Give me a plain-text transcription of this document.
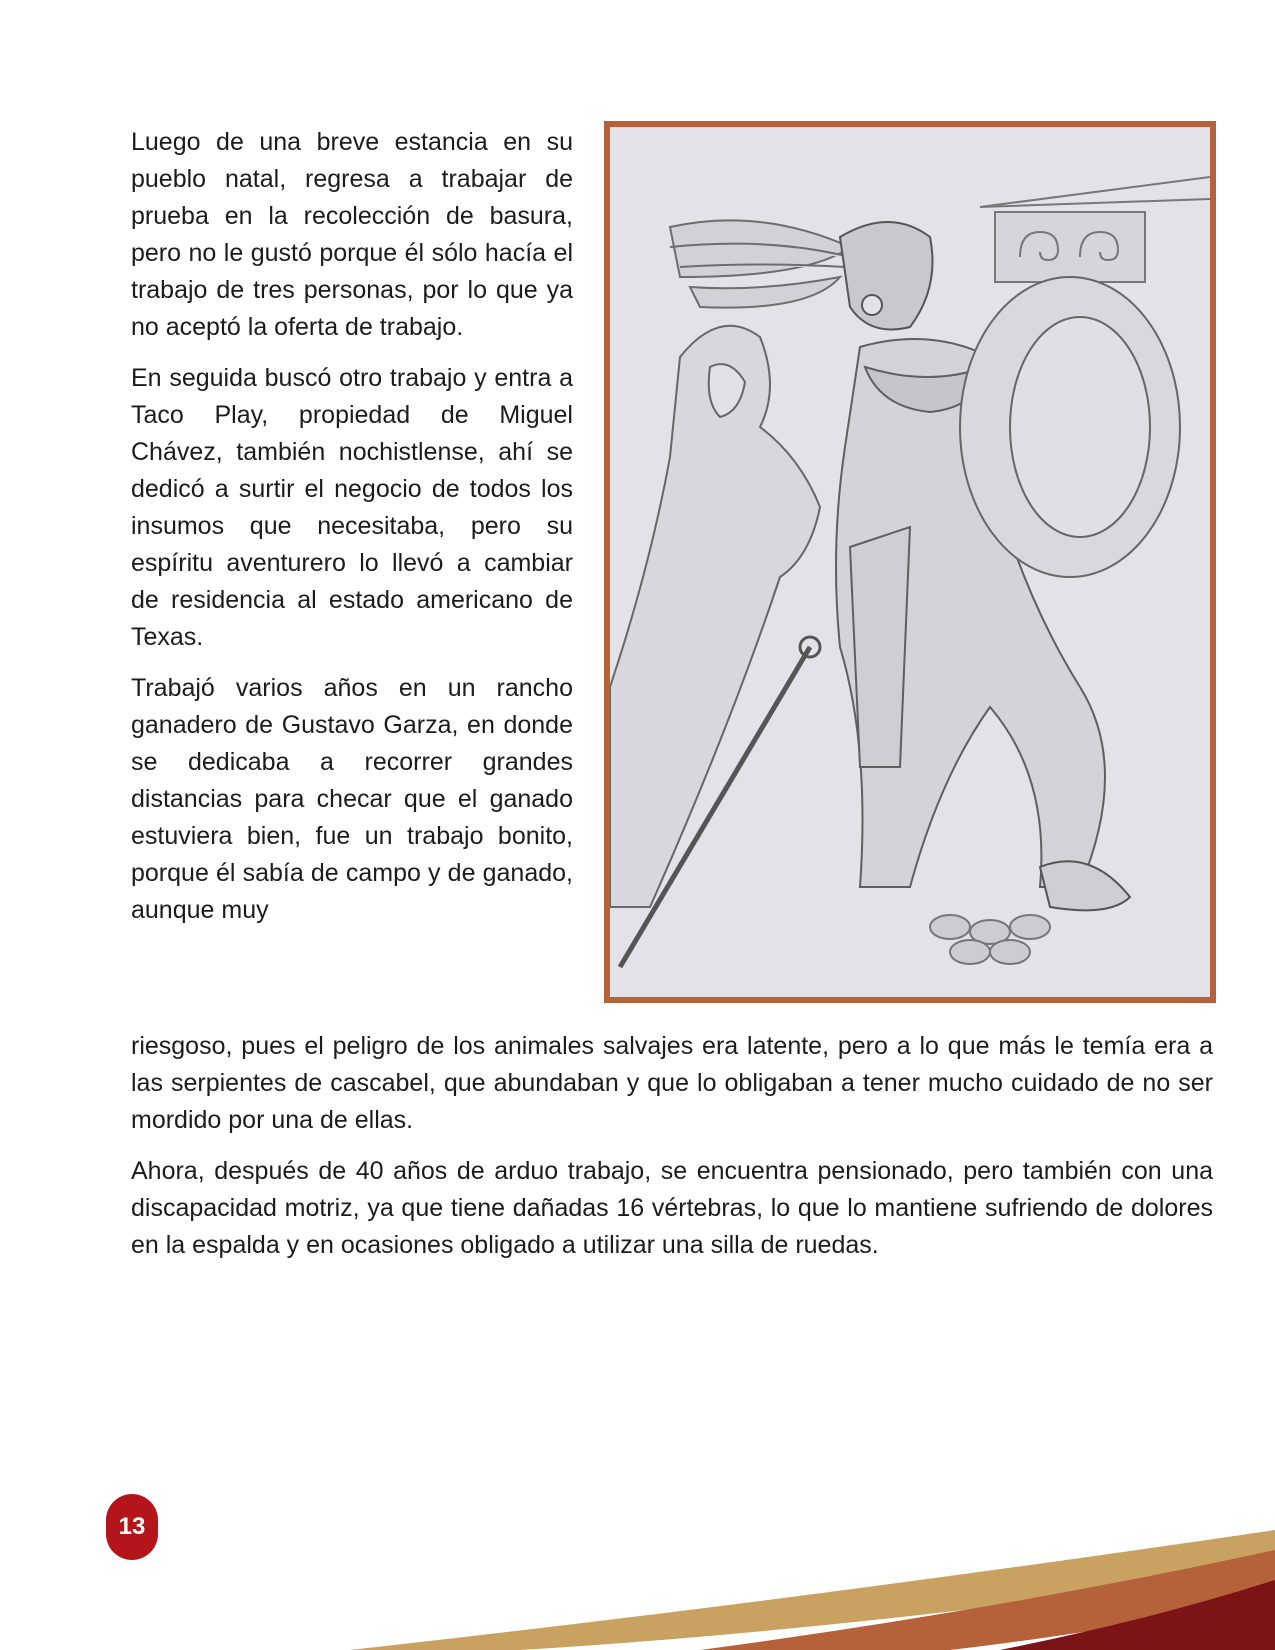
Luego de una breve estancia en su pueblo natal, regresa a trabajar de prueba en la recolección de basura, pero no le gustó porque él sólo hacía el trabajo de tres personas, por lo que ya no aceptó la oferta de trabajo.

En seguida buscó otro trabajo y entra a Taco Play, propiedad de Miguel Chávez, también nochistlense, ahí se dedicó a surtir el negocio de todos los insumos que necesitaba, pero su espíritu aventurero lo llevó a cambiar de residencia al estado americano de Texas.

Trabajó varios años en un rancho ganadero de Gustavo Garza, en donde se dedicaba a recorrer grandes distancias para checar que el ganado estuviera bien, fue un trabajo bonito, porque él sabía de campo y de ganado, aunque muy

riesgoso, pues el peligro de los animales salvajes era latente, pero a lo que más le temía era a las serpientes de cascabel, que abundaban y que lo obligaban a tener mucho cuidado de no ser mordido por una de ellas.

Ahora, después de 40 años de arduo trabajo, se encuentra pensionado, pero también con una discapacidad motriz, ya que tiene dañadas 16 vértebras, lo que lo mantiene sufriendo de dolores en la espalda y en ocasiones obligado a utilizar una silla de ruedas.

13
